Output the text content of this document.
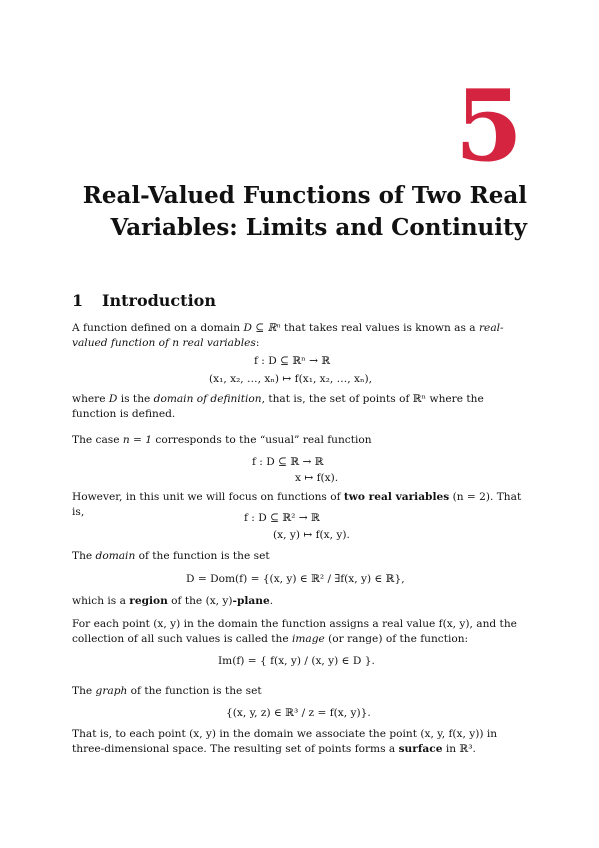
5
Real-Valued Functions of Two Real
Variables: Limits and Continuity
1 Introduction
A function defined on a domain D ⊆ ℝⁿ that takes real values is known as a real-valued function of n real variables:
f : D ⊆ ℝⁿ → ℝ
(x₁, x₂, …, xₙ) ↦ f(x₁, x₂, …, xₙ),
where D is the domain of definition, that is, the set of points of ℝⁿ where the function is defined.
The case n = 1 corresponds to the “usual” real function
f : D ⊆ ℝ → ℝ
x ↦ f(x).
However, in this unit we will focus on functions of two real variables (n = 2). That is,
f : D ⊆ ℝ² → ℝ
(x, y) ↦ f(x, y).
The domain of the function is the set
D = Dom(f) = {(x, y) ∈ ℝ² / ∃f(x, y) ∈ ℝ},
which is a region of the (x, y)-plane.
For each point (x, y) in the domain the function assigns a real value f(x, y), and the collection of all such values is called the image (or range) of the function:
Im(f) = { f(x, y) / (x, y) ∈ D }.
The graph of the function is the set
{(x, y, z) ∈ ℝ³ / z = f(x, y)}.
That is, to each point (x, y) in the domain we associate the point (x, y, f(x, y)) in three-dimensional space. The resulting set of points forms a surface in ℝ³.
